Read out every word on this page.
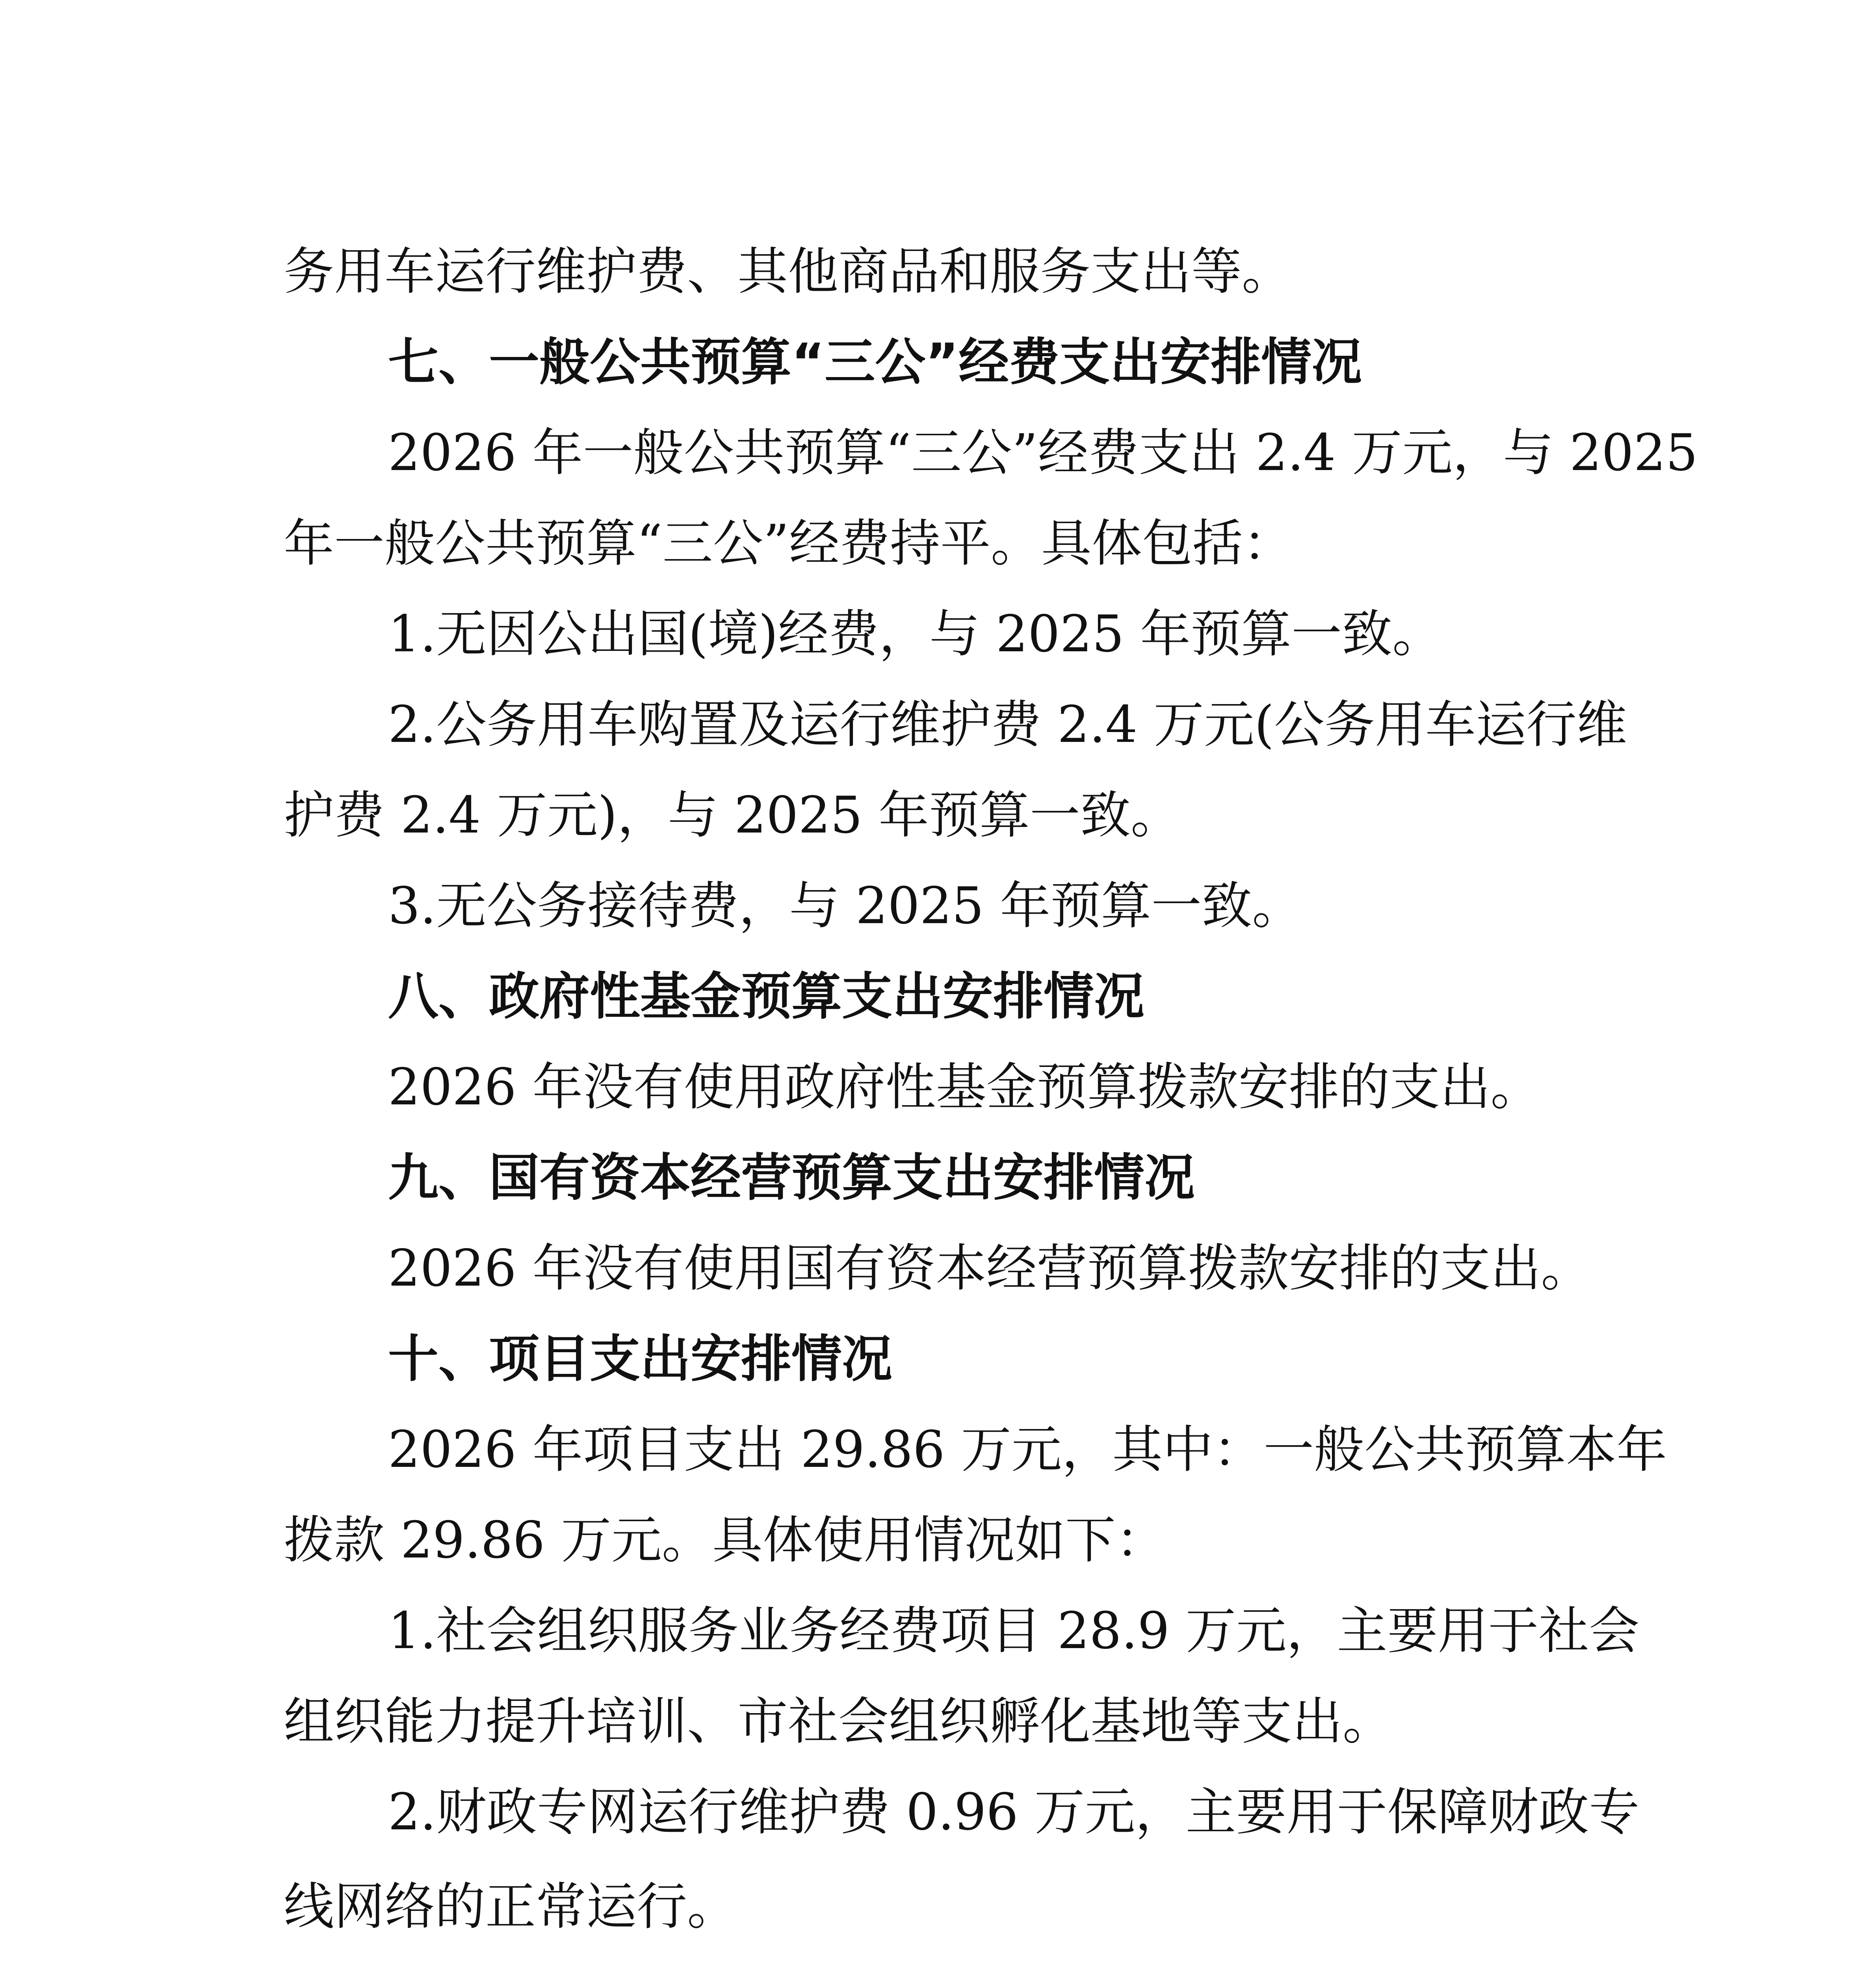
务用车运行维护费、其他商品和服务支出等。

七、一般公共预算“三公”经费支出安排情况

2026 年一般公共预算“三公”经费支出 2.4 万元，与 2025

年一般公共预算“三公”经费持平。具体包括：

1.无因公出国(境)经费，与 2025 年预算一致。

2.公务用车购置及运行维护费 2.4 万元(公务用车运行维

护费 2.4 万元)，与 2025 年预算一致。

3.无公务接待费，与 2025 年预算一致。

八、政府性基金预算支出安排情况

2026 年没有使用政府性基金预算拨款安排的支出。

九、国有资本经营预算支出安排情况

2026 年没有使用国有资本经营预算拨款安排的支出。

十、项目支出安排情况

2026 年项目支出 29.86 万元，其中：一般公共预算本年

拨款 29.86 万元。具体使用情况如下：

1.社会组织服务业务经费项目 28.9 万元，主要用于社会

组织能力提升培训、市社会组织孵化基地等支出。

2.财政专网运行维护费 0.96 万元，主要用于保障财政专

线网络的正常运行。
